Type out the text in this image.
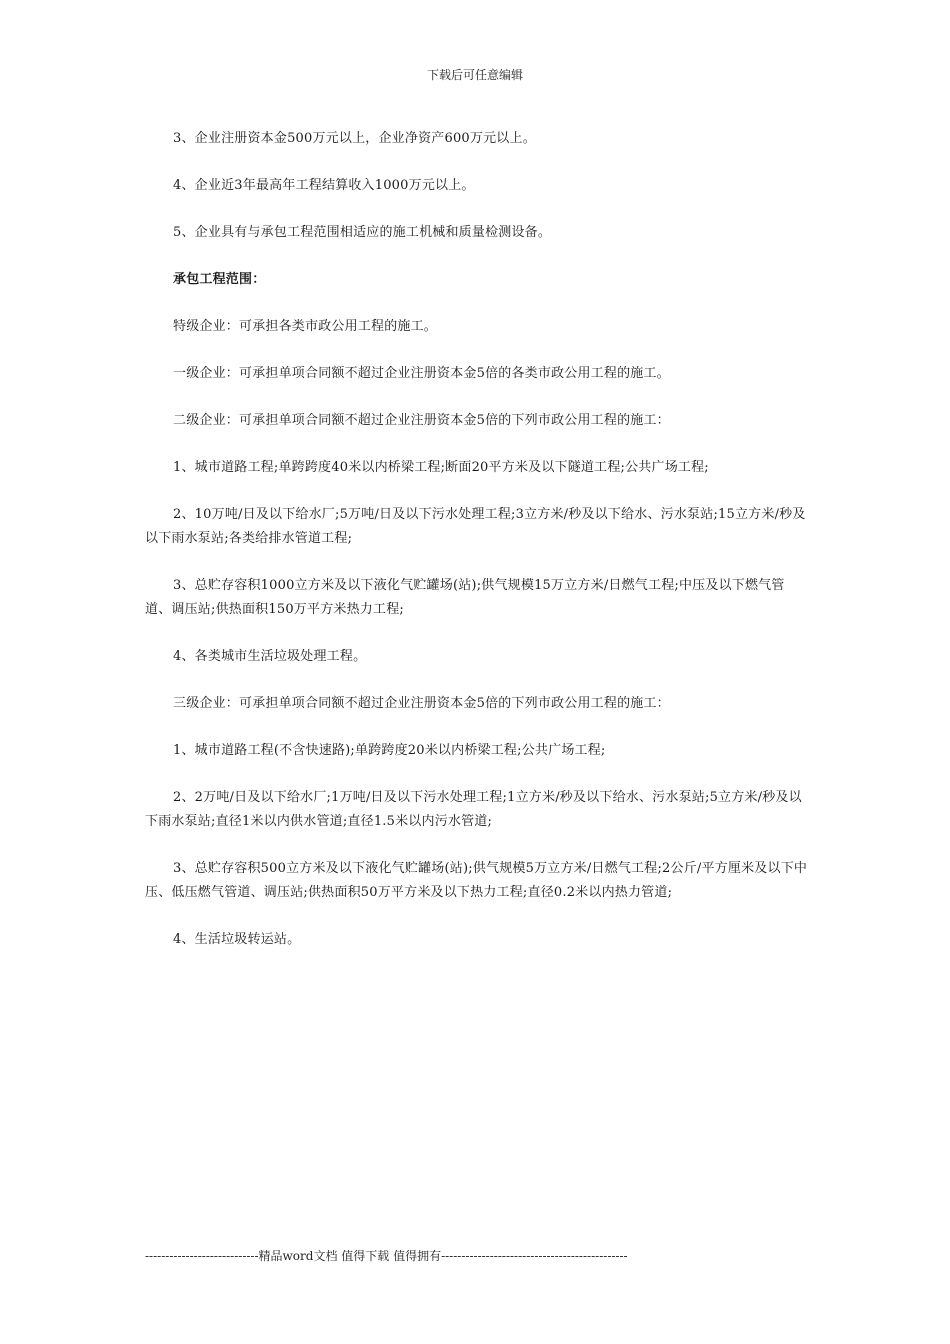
下载后可任意编辑

3、企业注册资本金500万元以上，企业净资产600万元以上。

4、企业近3年最高年工程结算收入1000万元以上。

5、企业具有与承包工程范围相适应的施工机械和质量检测设备。

承包工程范围：

特级企业：可承担各类市政公用工程的施工。

一级企业：可承担单项合同额不超过企业注册资本金5倍的各类市政公用工程的施工。

二级企业：可承担单项合同额不超过企业注册资本金5倍的下列市政公用工程的施工：

1、城市道路工程;单跨跨度40米以内桥梁工程;断面20平方米及以下隧道工程;公共广场工程;

2、10万吨/日及以下给水厂;5万吨/日及以下污水处理工程;3立方米/秒及以下给水、污水泵站;15立方米/秒及以下雨水泵站;各类给排水管道工程;

3、总贮存容积1000立方米及以下液化气贮罐场(站);供气规模15万立方米/日燃气工程;中压及以下燃气管道、调压站;供热面积150万平方米热力工程;

4、各类城市生活垃圾处理工程。

三级企业：可承担单项合同额不超过企业注册资本金5倍的下列市政公用工程的施工：

1、城市道路工程(不含快速路);单跨跨度20米以内桥梁工程;公共广场工程;

2、2万吨/日及以下给水厂;1万吨/日及以下污水处理工程;1立方米/秒及以下给水、污水泵站;5立方米/秒及以下雨水泵站;直径1米以内供水管道;直径1.5米以内污水管道;

3、总贮存容积500立方米及以下液化气贮罐场(站);供气规模5万立方米/日燃气工程;2公斤/平方厘米及以下中压、低压燃气管道、调压站;供热面积50万平方米及以下热力工程;直径0.2米以内热力管道;

4、生活垃圾转运站。

----------------------------精品word文档 值得下载 值得拥有----------------------------------------------
